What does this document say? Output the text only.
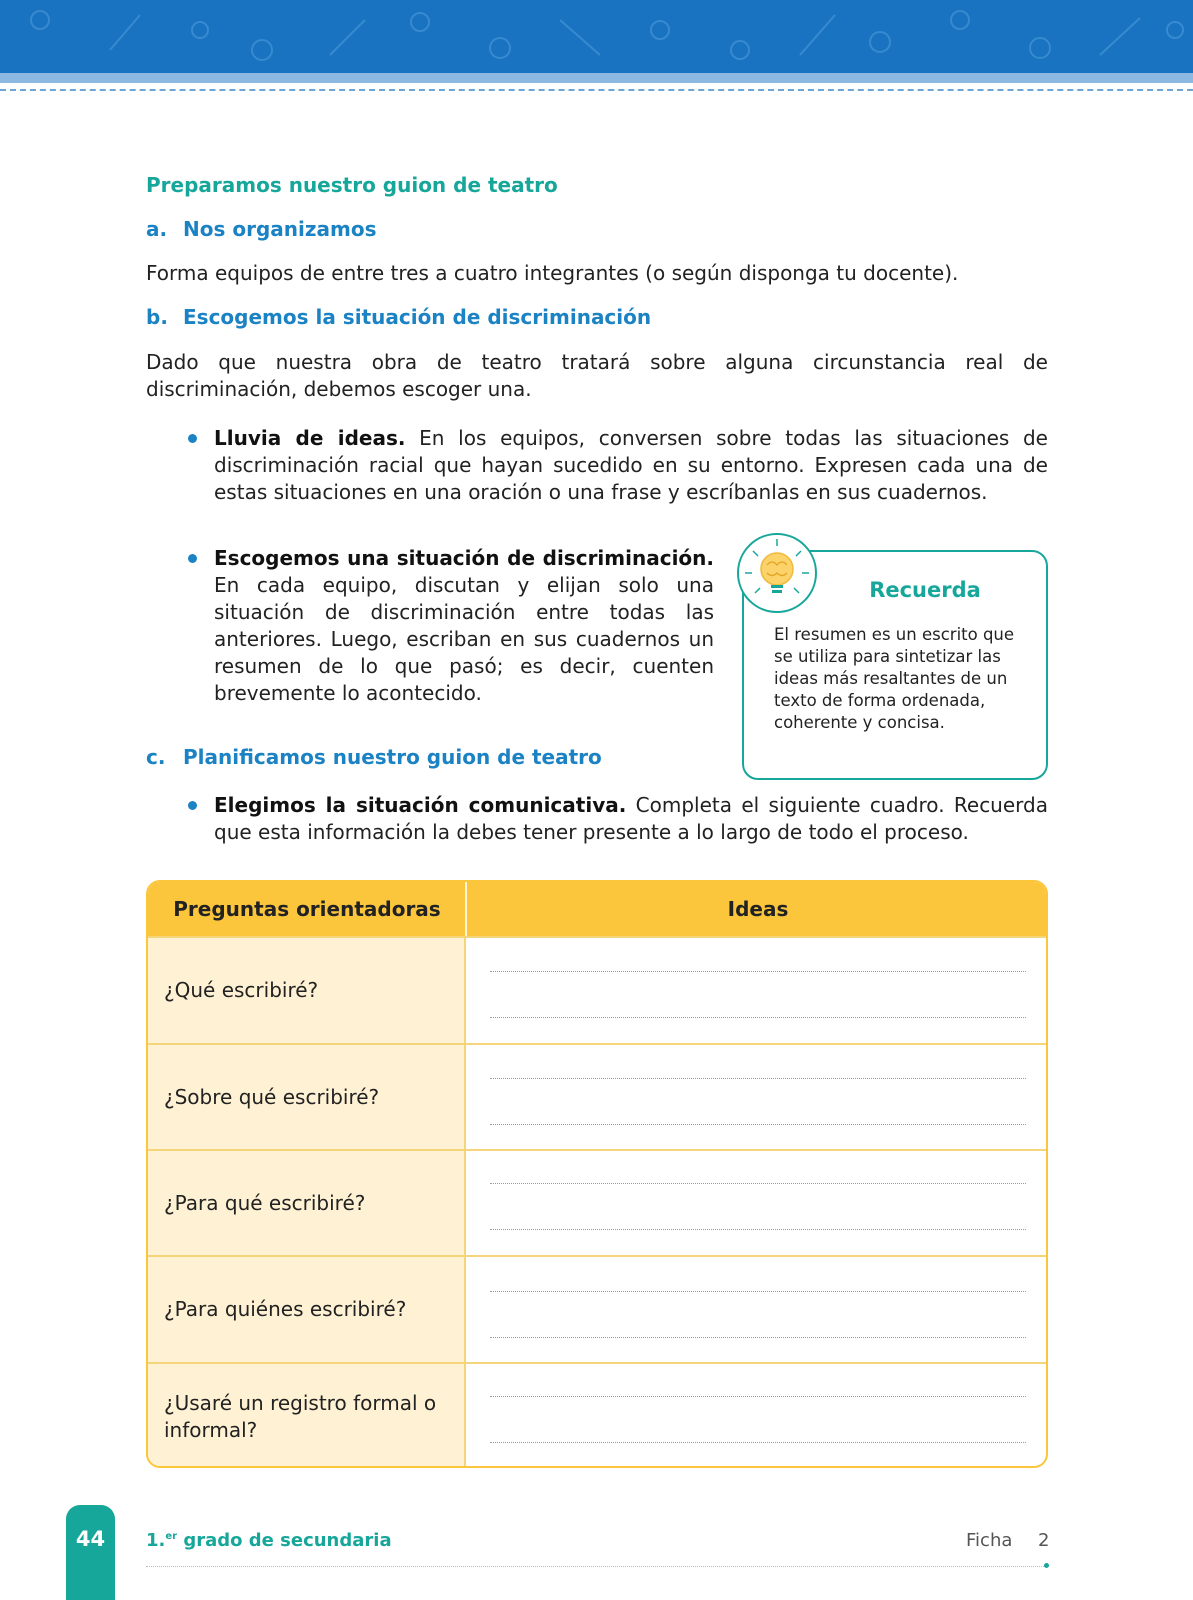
Preparamos nuestro guion de teatro
a. Nos organizamos
Forma equipos de entre tres a cuatro integrantes (o según disponga tu docente).
b. Escogemos la situación de discriminación
Dado que nuestra obra de teatro tratará sobre alguna circunstancia real de discriminación, debemos escoger una.
Lluvia de ideas. En los equipos, conversen sobre todas las situaciones de discriminación racial que hayan sucedido en su entorno. Expresen cada una de estas situaciones en una oración o una frase y escríbanlas en sus cuadernos.
Escogemos una situación de discriminación. En cada equipo, discutan y elijan solo una situación de discriminación entre todas las anteriores. Luego, escriban en sus cuadernos un resumen de lo que pasó; es decir, cuenten brevemente lo acontecido.
Recuerda
El resumen es un escrito que se utiliza para sintetizar las ideas más resaltantes de un texto de forma ordenada, coherente y concisa.
c. Planificamos nuestro guion de teatro
Elegimos la situación comunicativa. Completa el siguiente cuadro. Recuerda que esta información la debes tener presente a lo largo de todo el proceso.
Preguntas orientadoras	Ideas
¿Qué escribiré?
¿Sobre qué escribiré?
¿Para qué escribiré?
¿Para quiénes escribiré?
¿Usaré un registro formal o informal?
44	1.$^{er}$ grado de secundaria	Ficha 2
